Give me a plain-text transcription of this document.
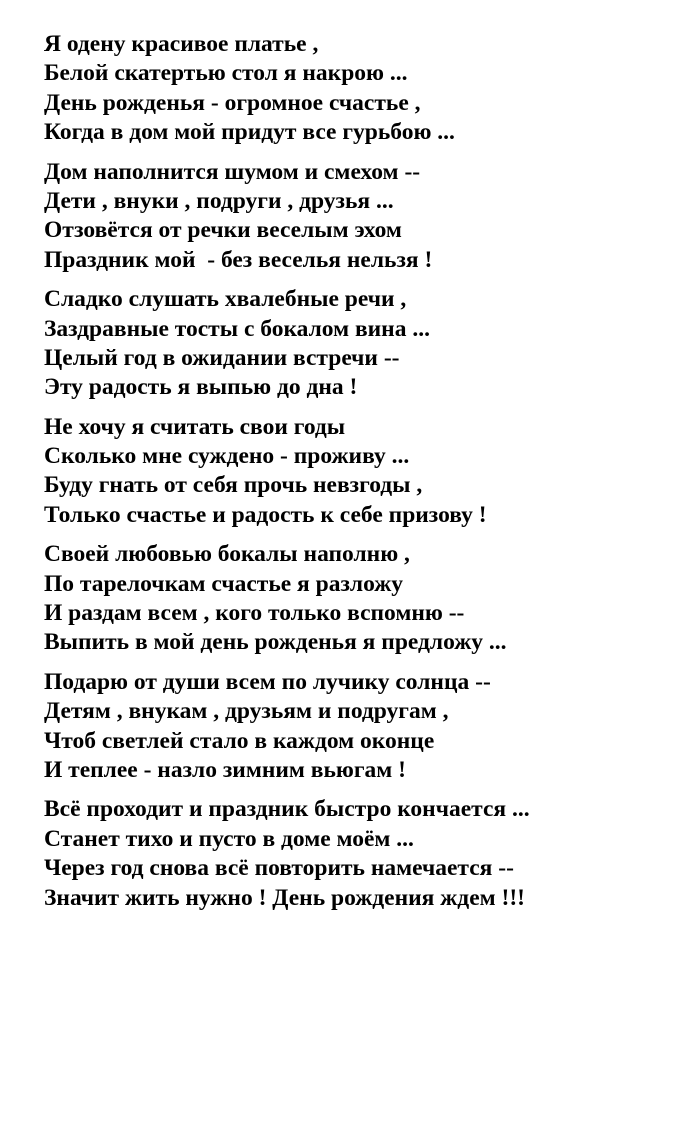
Я одену красивое платье ,
Белой скатертью стол я накрою ...
День рожденья - огромное счастье ,
Когда в дом мой придут все гурьбою ...
Дом наполнится шумом и смехом --
Дети , внуки , подруги , друзья ...
Отзовётся от речки веселым эхом
Праздник мой  - без веселья нельзя !
Сладко слушать хвалебные речи ,
Заздравные тосты с бокалом вина ...
Целый год в ожидании встречи --
Эту радость я выпью до дна !
Не хочу я считать свои годы
Сколько мне суждено - проживу ...
Буду гнать от себя прочь невзгоды ,
Только счастье и радость к себе призову !
Своей любовью бокалы наполню ,
По тарелочкам счастье я разложу
И раздам всем , кого только вспомню --
Выпить в мой день рожденья я предложу ...
Подарю от души всем по лучику солнца --
Детям , внукам , друзьям и подругам ,
Чтоб светлей стало в каждом оконце
И теплее - назло зимним вьюгам !
Всё проходит и праздник быстро кончается ...
Станет тихо и пусто в доме моём ...
Через год снова всё повторить намечается --
Значит жить нужно ! День рождения ждем !!!
